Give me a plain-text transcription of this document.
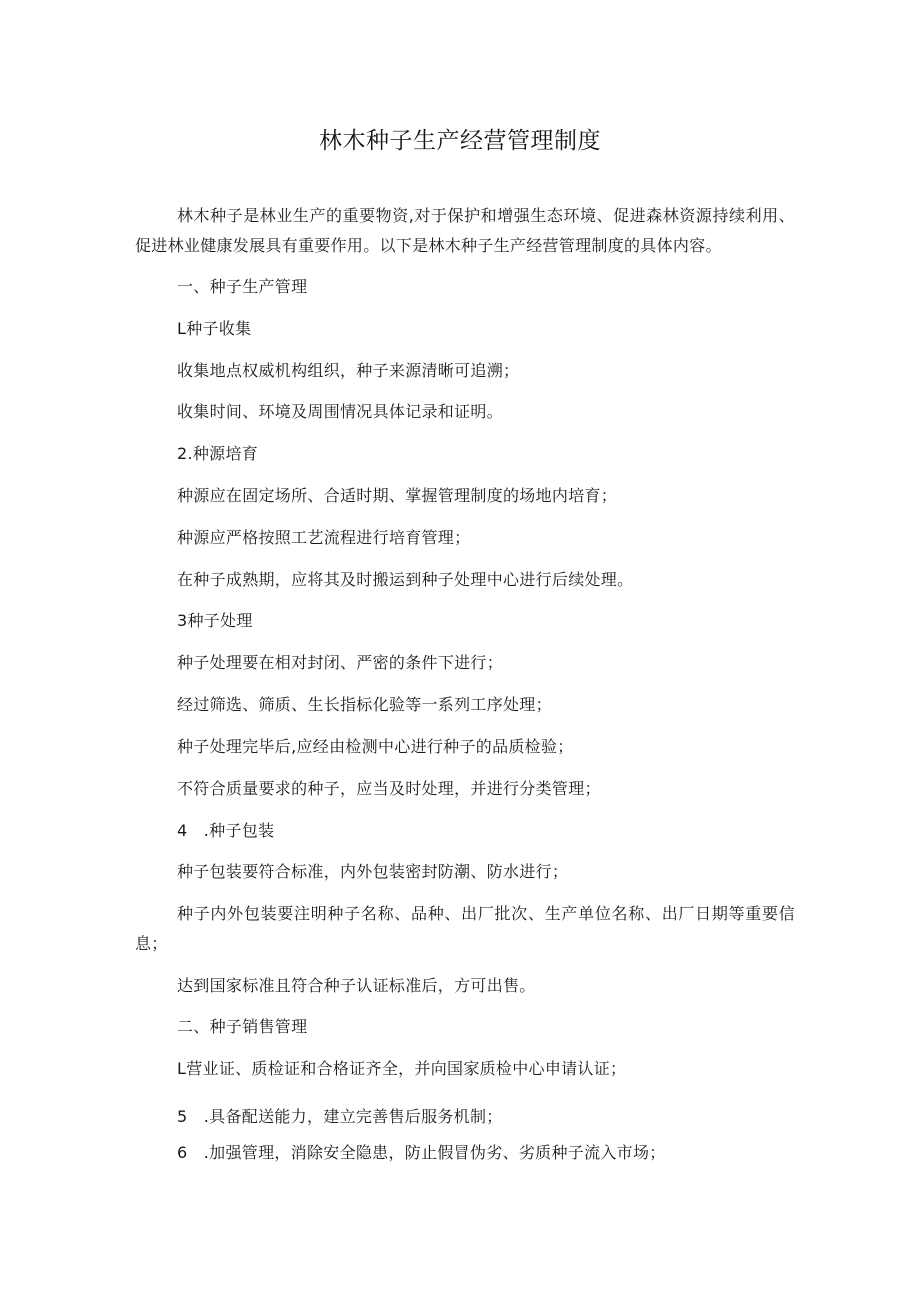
林木种子生产经营管理制度
林木种子是林业生产的重要物资,对于保护和增强生态环境、促进森林资源持续利用、促进林业健康发展具有重要作用。以下是林木种子生产经营管理制度的具体内容。
一、种子生产管理
L种子收集
收集地点权威机构组织，种子来源清晰可追溯；
收集时间、环境及周围情况具体记录和证明。
2.种源培育
种源应在固定场所、合适时期、掌握管理制度的场地内培育；
种源应严格按照工艺流程进行培育管理；
在种子成熟期，应将其及时搬运到种子处理中心进行后续处理。
3种子处理
种子处理要在相对封闭、严密的条件下进行；
经过筛选、筛质、生长指标化验等一系列工序处理；
种子处理完毕后,应经由检测中心进行种子的品质检验；
不符合质量要求的种子，应当及时处理，并进行分类管理；
4　.种子包装
种子包装要符合标准，内外包装密封防潮、防水进行；
种子内外包装要注明种子名称、品种、出厂批次、生产单位名称、出厂日期等重要信息；
达到国家标准且符合种子认证标准后，方可出售。
二、种子销售管理
L营业证、质检证和合格证齐全，并向国家质检中心申请认证；
5　.具备配送能力，建立完善售后服务机制；
6　.加强管理，消除安全隐患，防止假冒伪劣、劣质种子流入市场；
